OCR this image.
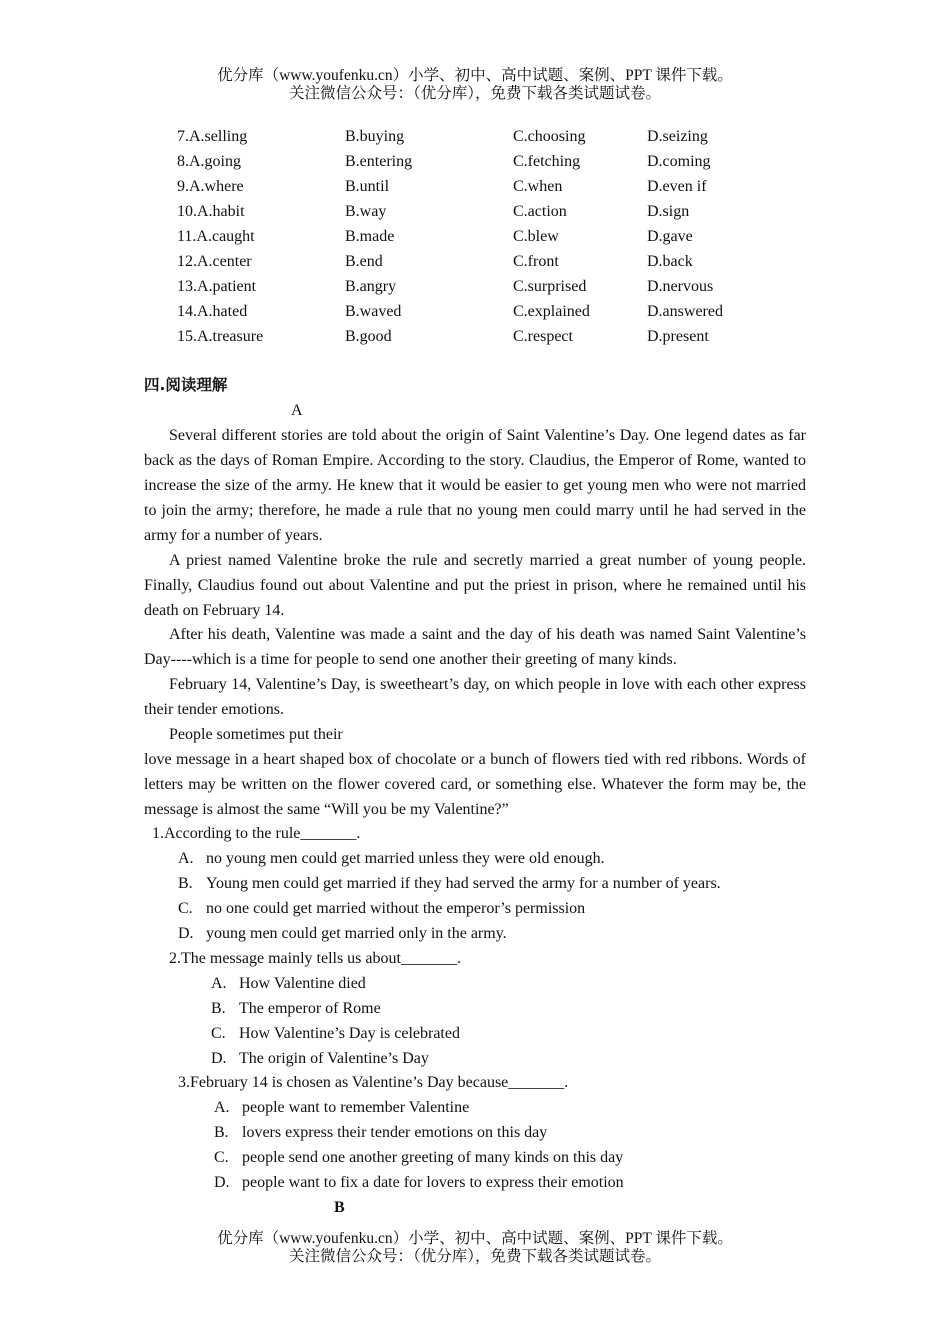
优分库（www.youfenku.cn）小学、初中、高中试题、案例、PPT 课件下载。
关注微信公众号：（优分库），免费下载各类试题试卷。
7.A.selling	B.buying	C.choosing	D.seizing
8.A.going	B.entering	C.fetching	D.coming
9.A.where	B.until	C.when	D.even if
10.A.habit	B.way	C.action	D.sign
11.A.caught	B.made	C.blew	D.gave
12.A.center	B.end	C.front	D.back
13.A.patient	B.angry	C.surprised	D.nervous
14.A.hated	B.waved	C.explained	D.answered
15.A.treasure	B.good	C.respect	D.present
四.阅读理解
A

Several different stories are told about the origin of Saint Valentine’s Day. One legend dates as far back as the days of Roman Empire. According to the story. Claudius, the Emperor of Rome, wanted to increase the size of the army. He knew that it would be easier to get young men who were not married to join the army; therefore, he made a rule that no young men could marry until he had served in the army for a number of years.

A priest named Valentine broke the rule and secretly married a great number of young people. Finally, Claudius found out about Valentine and put the priest in prison, where he remained until his death on February 14.

After his death, Valentine was made a saint and the day of his death was named Saint Valentine’s Day----which is a time for people to send one another their greeting of many kinds.

February 14, Valentine’s Day, is sweetheart’s day, on which people in love with each other express their tender emotions.

People sometimes put their

love message in a heart shaped box of chocolate or a bunch of flowers tied with red ribbons. Words of letters may be written on the flower covered card, or something else. Whatever the form may be, the message is almost the same “Will you be my Valentine?”

1.According to the rule_______.
A. no young men could get married unless they were old enough.
B. Young men could get married if they had served the army for a number of years.
C. no one could get married without the emperor’s permission
D. young men could get married only in the army.
2.The message mainly tells us about_______.
A. How Valentine died
B. The emperor of Rome
C. How Valentine’s Day is celebrated
D. The origin of Valentine’s Day
3.February 14 is chosen as Valentine’s Day because_______.
A. people want to remember Valentine
B. lovers express their tender emotions on this day
C. people send one another greeting of many kinds on this day
D. people want to fix a date for lovers to express their emotion
B
优分库（www.youfenku.cn）小学、初中、高中试题、案例、PPT 课件下载。
关注微信公众号：（优分库），免费下载各类试题试卷。
